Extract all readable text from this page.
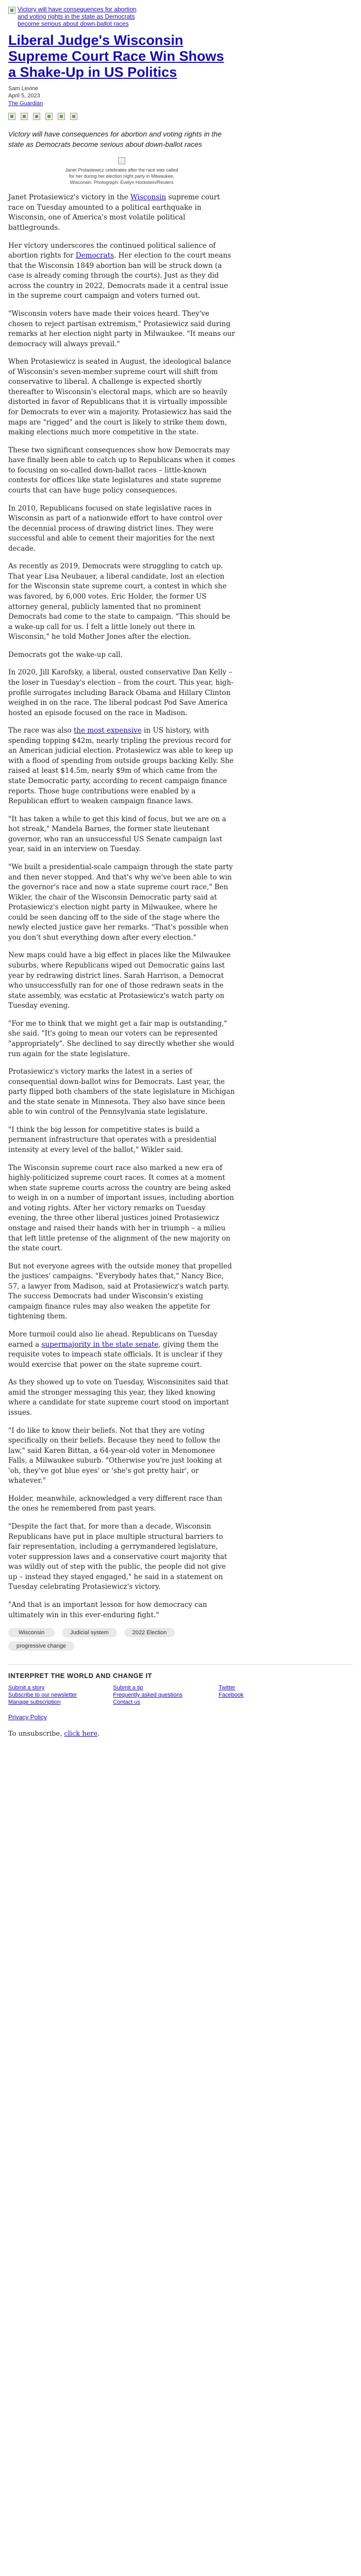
Victory will have consequences for abortion and voting rights in the state as Democrats become serious about down-ballot races
Liberal Judge's Wisconsin Supreme Court Race Win Shows a Shake-Up in US Politics
Sam Levine
April 5, 2023
The Guardian

Victory will have consequences for abortion and voting rights in the state as Democrats become serious about down-ballot races

Janet Protasiewicz celebrates after the race was called for her during her election night party in Milwaukee, Wisconsin. Photograph: Evelyn Hockstein/Reuters

Janet Protasiewicz's victory in the Wisconsin supreme court race on Tuesday amounted to a political earthquake in Wisconsin, one of America's most volatile political battlegrounds.

Her victory underscores the continued political salience of abortion rights for Democrats. Her election to the court means that the Wisconsin 1849 abortion ban will be struck down (a case is already coming through the courts). Just as they did across the country in 2022, Democrats made it a central issue in the supreme court campaign and voters turned out.

"Wisconsin voters have made their voices heard. They've chosen to reject partisan extremism," Protasiewicz said during remarks at her election night party in Milwaukee. "It means our democracy will always prevail."

When Protasiewicz is seated in August, the ideological balance of Wisconsin's seven-member supreme court will shift from conservative to liberal. A challenge is expected shortly thereafter to Wisconsin's electoral maps, which are so heavily distorted in favor of Republicans that it is virtually impossible for Democrats to ever win a majority. Protasiewicz has said the maps are "rigged" and the court is likely to strike them down, making elections much more competitive in the state.

These two significant consequences show how Democrats may have finally been able to catch up to Republicans when it comes to focusing on so-called down-ballot races – little-known contests for offices like state legislatures and state supreme courts that can have huge policy consequences.

In 2010, Republicans focused on state legislative races in Wisconsin as part of a nationwide effort to have control over the decennial process of drawing district lines. They were successful and able to cement their majorities for the next decade.

As recently as 2019, Democrats were struggling to catch up. That year Lisa Neubauer, a liberal candidate, lost an election for the Wisconsin state supreme court, a contest in which she was favored, by 6,000 votes. Eric Holder, the former US attorney general, publicly lamented that no prominent Democrats had come to the state to campaign. "This should be a wake-up call for us. I felt a little lonely out there in Wisconsin," he told Mother Jones after the election.

Democrats got the wake-up call.

In 2020, Jill Karofsky, a liberal, ousted conservative Dan Kelly – the loser in Tuesday's election – from the court. This year, high-profile surrogates including Barack Obama and Hillary Clinton weighed in on the race. The liberal podcast Pod Save America hosted an episode focused on the race in Madison.

The race was also the most expensive in US history, with spending topping $42m, nearly tripling the previous record for an American judicial election. Protasiewicz was able to keep up with a flood of spending from outside groups backing Kelly. She raised at least $14.5m, nearly $9m of which came from the state Democratic party, according to recent campaign finance reports. Those huge contributions were enabled by a Republican effort to weaken campaign finance laws.

"It has taken a while to get this kind of focus, but we are on a hot streak," Mandela Barnes, the former state lieutenant governor, who ran an unsuccessful US Senate campaign last year, said in an interview on Tuesday.

"We built a presidential-scale campaign through the state party and then never stopped. And that's why we've been able to win the governor's race and now a state supreme court race," Ben Wikler, the chair of the Wisconsin Democratic party said at Protasiewicz's election night party in Milwaukee, where he could be seen dancing off to the side of the stage where the newly elected justice gave her remarks. "That's possible when you don't shut everything down after every election."

New maps could have a big effect in places like the Milwaukee suburbs, where Republicans wiped out Democratic gains last year by redrawing district lines. Sarah Harrison, a Democrat who unsuccessfully ran for one of those redrawn seats in the state assembly, was ecstatic at Protasiewicz's watch party on Tuesday evening.

"For me to think that we might get a fair map is outstanding," she said. "It's going to mean our voters can be represented "appropriately". She declined to say directly whether she would run again for the state legislature.

Protasiewicz's victory marks the latest in a series of consequential down-ballot wins for Democrats. Last year, the party flipped both chambers of the state legislature in Michigan and the state senate in Minnesota. They also have since been able to win control of the Pennsylvania state legislature.

"I think the big lesson for competitive states is build a permanent infrastructure that operates with a presidential intensity at every level of the ballot," Wikler said.

The Wisconsin supreme court race also marked a new era of highly-politicized supreme court races. It comes at a moment when state supreme courts across the country are being asked to weigh in on a number of important issues, including abortion and voting rights. After her victory remarks on Tuesday evening, the three other liberal justices joined Protasiewicz onstage and raised their hands with her in triumph – a milieu that left little pretense of the alignment of the new majority on the state court.

But not everyone agrees with the outside money that propelled the justices' campaigns. "Everybody hates that," Nancy Bice, 57, a lawyer from Madison, said at Protasiewicz's watch party. The success Democrats had under Wisconsin's existing campaign finance rules may also weaken the appetite for tightening them.

More turmoil could also lie ahead. Republicans on Tuesday earned a supermajority in the state senate, giving them the requisite votes to impeach state officials. It is unclear if they would exercise that power on the state supreme court.

As they showed up to vote on Tuesday, Wisconsinites said that amid the stronger messaging this year, they liked knowing where a candidate for state supreme court stood on important issues.

"I do like to know their beliefs. Not that they are voting specifically on their beliefs. Because they need to follow the law," said Karen Bittan, a 64-year-old voter in Menomonee Falls, a Milwaukee suburb. "Otherwise you're just looking at 'oh, they've got blue eyes' or 'she's got pretty hair', or whatever."

Holder, meanwhile, acknowledged a very different race than the ones he remembered from past years.

"Despite the fact that, for more than a decade, Wisconsin Republicans have put in place multiple structural barriers to fair representation, including a gerrymandered legislature, voter suppression laws and a conservative court majority that was wildly out of step with the public, the people did not give up – instead they stayed engaged," he said in a statement on Tuesday celebrating Protasiewicz's victory.

"And that is an important lesson for how democracy can ultimately win in this ever-enduring fight."

Wisconsin	Judicial system	2022 Election
progressive change
INTERPRET THE WORLD AND CHANGE IT
Submit a story
Subscribe to our newsletter
Manage subscription
Submit a tip
Frequently asked questions
Contact us
Twitter
Facebook
Privacy Policy

To unsubscribe, click here.
